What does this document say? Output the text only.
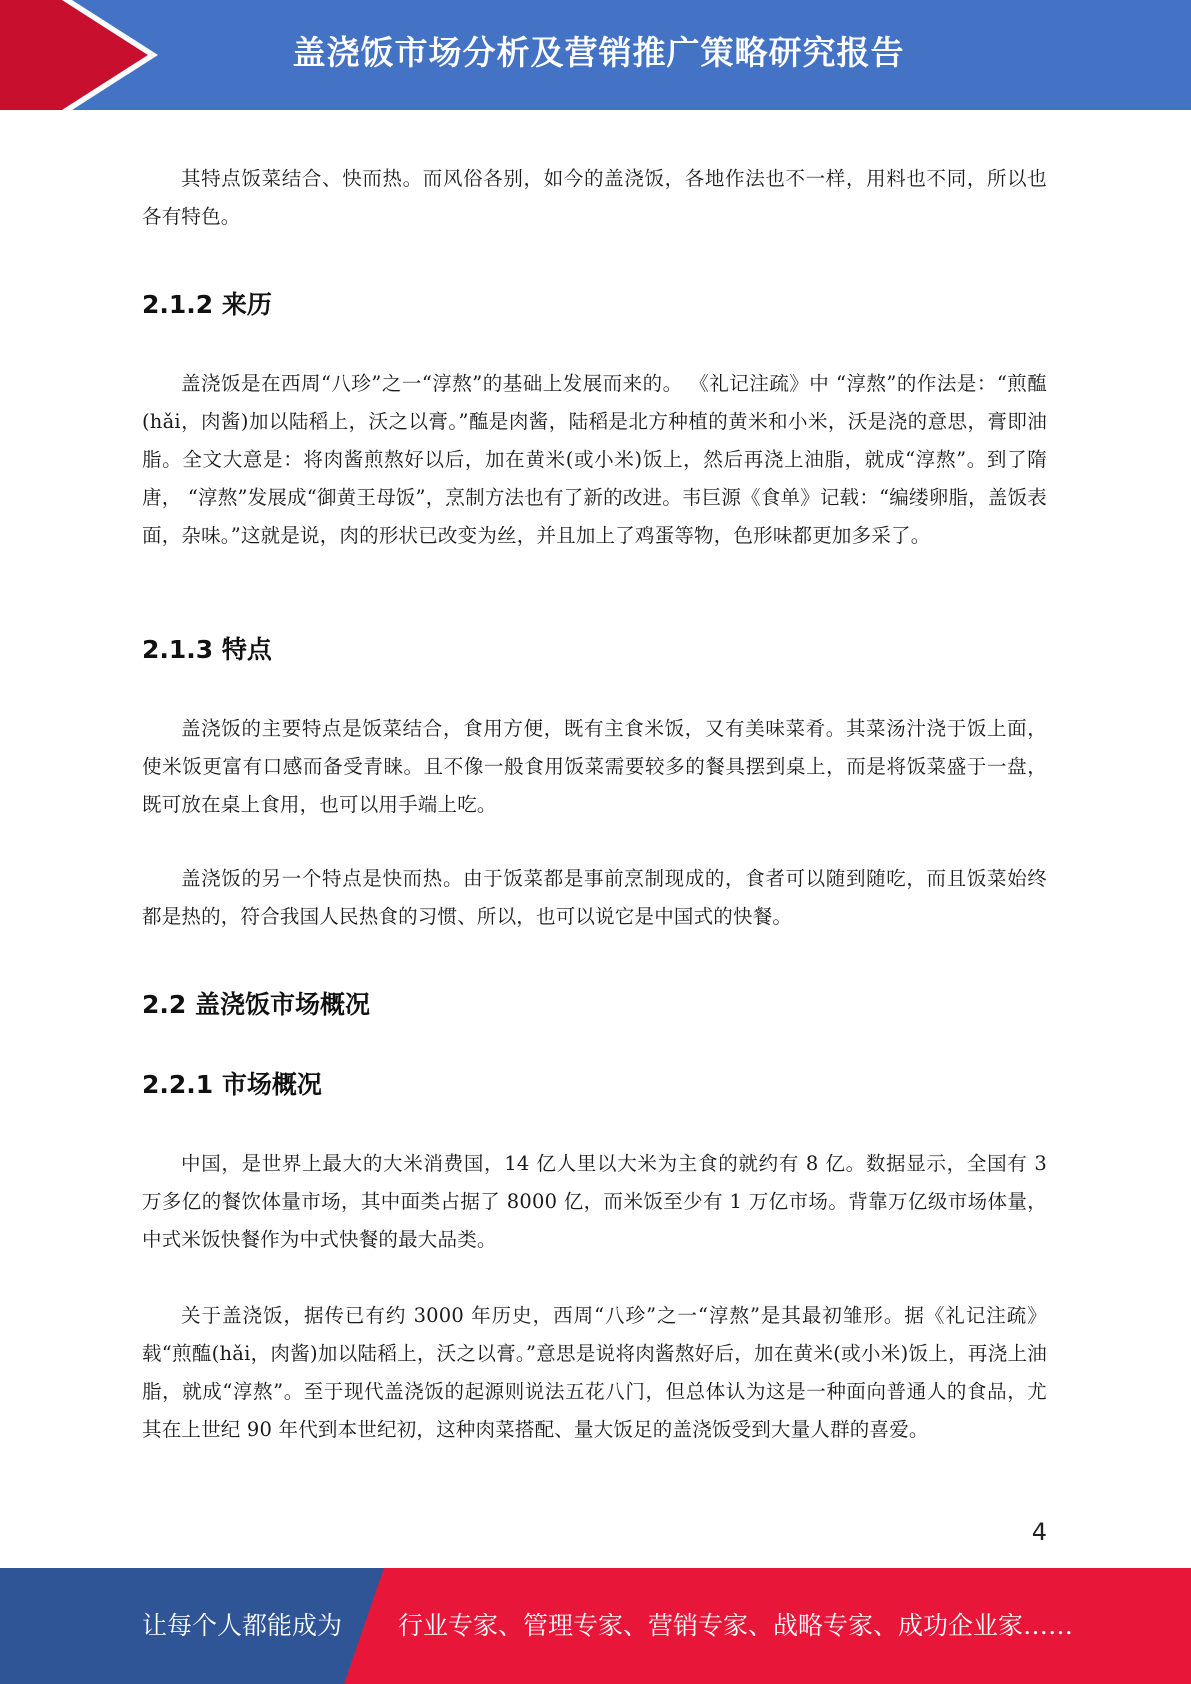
盖浇饭市场分析及营销推广策略研究报告

其特点饭菜结合、快而热。而风俗各别，如今的盖浇饭，各地作法也不一样，用料也不同，所以也各有特色。

2.1.2 来历

盖浇饭是在西周“八珍”之一“淳熬”的基础上发展而来的。 《礼记注疏》中 “淳熬”的作法是：“煎醢(hǎi，肉酱)加以陆稻上，沃之以膏。”醢是肉酱，陆稻是北方种植的黄米和小米，沃是浇的意思，膏即油脂。全文大意是：将肉酱煎熬好以后，加在黄米(或小米)饭上，然后再浇上油脂，就成“淳熬”。到了隋唐， “淳熬”发展成“御黄王母饭”，烹制方法也有了新的改进。韦巨源《食单》记载：“编缕卵脂，盖饭表面，杂味。”这就是说，肉的形状已改变为丝，并且加上了鸡蛋等物，色形味都更加多采了。

2.1.3 特点

盖浇饭的主要特点是饭菜结合，食用方便，既有主食米饭，又有美味菜肴。其菜汤汁浇于饭上面，使米饭更富有口感而备受青睐。且不像一般食用饭菜需要较多的餐具摆到桌上，而是将饭菜盛于一盘，既可放在桌上食用，也可以用手端上吃。

盖浇饭的另一个特点是快而热。由于饭菜都是事前烹制现成的，食者可以随到随吃，而且饭菜始终都是热的，符合我国人民热食的习惯、所以，也可以说它是中国式的快餐。

2.2 盖浇饭市场概况
2.2.1 市场概况

中国，是世界上最大的大米消费国，14 亿人里以大米为主食的就约有 8 亿。数据显示，全国有 3 万多亿的餐饮体量市场，其中面类占据了 8000 亿，而米饭至少有 1 万亿市场。背靠万亿级市场体量，中式米饭快餐作为中式快餐的最大品类。

关于盖浇饭，据传已有约 3000 年历史，西周“八珍”之一“淳熬”是其最初雏形。据《礼记注疏》载“煎醢(hǎi，肉酱)加以陆稻上，沃之以膏。”意思是说将肉酱熬好后，加在黄米(或小米)饭上，再浇上油脂，就成“淳熬”。至于现代盖浇饭的起源则说法五花八门，但总体认为这是一种面向普通人的食品，尤其在上世纪 90 年代到本世纪初，这种肉菜搭配、量大饭足的盖浇饭受到大量人群的喜爱。

4
让每个人都能成为 行业专家、管理专家、营销专家、战略专家、成功企业家……
